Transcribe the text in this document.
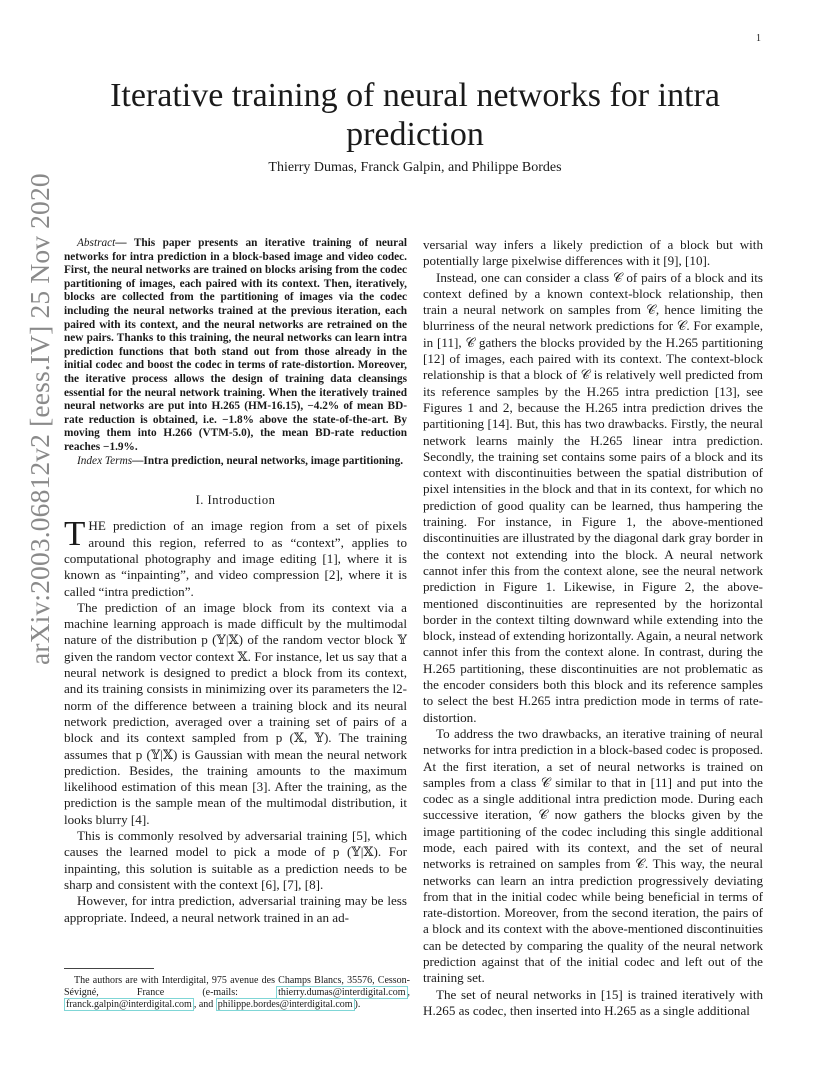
1
arXiv:2003.06812v2 [eess.IV] 25 Nov 2020
Iterative training of neural networks for intra prediction
Thierry Dumas, Franck Galpin, and Philippe Bordes

Abstract— This paper presents an iterative training of neural networks for intra prediction in a block-based image and video codec. First, the neural networks are trained on blocks arising from the codec partitioning of images, each paired with its context. Then, iteratively, blocks are collected from the partitioning of images via the codec including the neural networks trained at the previous iteration, each paired with its context, and the neural networks are retrained on the new pairs. Thanks to this training, the neural networks can learn intra prediction functions that both stand out from those already in the initial codec and boost the codec in terms of rate-distortion. Moreover, the iterative process allows the design of training data cleansings essential for the neural network training. When the iteratively trained neural networks are put into H.265 (HM-16.15), −4.2% of mean BD-rate reduction is obtained, i.e. −1.8% above the state-of-the-art. By moving them into H.266 (VTM-5.0), the mean BD-rate reduction reaches −1.9%.

Index Terms—Intra prediction, neural networks, image partitioning.

I. Introduction

THE prediction of an image region from a set of pixels around this region, referred to as “context”, applies to computational photography and image editing [1], where it is known as “inpainting”, and video compression [2], where it is called “intra prediction”.

The prediction of an image block from its context via a machine learning approach is made difficult by the multimodal nature of the distribution p (𝕐|𝕏) of the random vector block 𝕐 given the random vector context 𝕏. For instance, let us say that a neural network is designed to predict a block from its context, and its training consists in minimizing over its parameters the l2-norm of the difference between a training block and its neural network prediction, averaged over a training set of pairs of a block and its context sampled from p (𝕏, 𝕐). The training assumes that p (𝕐|𝕏) is Gaussian with mean the neural network prediction. Besides, the training amounts to the maximum likelihood estimation of this mean [3]. After the training, as the prediction is the sample mean of the multimodal distribution, it looks blurry [4].

This is commonly resolved by adversarial training [5], which causes the learned model to pick a mode of p (𝕐|𝕏). For inpainting, this solution is suitable as a prediction needs to be sharp and consistent with the context [6], [7], [8].

However, for intra prediction, adversarial training may be less appropriate. Indeed, a neural network trained in an ad-

versarial way infers a likely prediction of a block but with potentially large pixelwise differences with it [9], [10].

Instead, one can consider a class 𝒞 of pairs of a block and its context defined by a known context-block relationship, then train a neural network on samples from 𝒞, hence limiting the blurriness of the neural network predictions for 𝒞. For example, in [11], 𝒞 gathers the blocks provided by the H.265 partitioning [12] of images, each paired with its context. The context-block relationship is that a block of 𝒞 is relatively well predicted from its reference samples by the H.265 intra prediction [13], see Figures 1 and 2, because the H.265 intra prediction drives the partitioning [14]. But, this has two drawbacks. Firstly, the neural network learns mainly the H.265 linear intra prediction. Secondly, the training set contains some pairs of a block and its context with discontinuities between the spatial distribution of pixel intensities in the block and that in its context, for which no prediction of good quality can be learned, thus hampering the training. For instance, in Figure 1, the above-mentioned discontinuities are illustrated by the diagonal dark gray border in the context not extending into the block. A neural network cannot infer this from the context alone, see the neural network prediction in Figure 1. Likewise, in Figure 2, the above-mentioned discontinuities are represented by the horizontal border in the context tilting downward while extending into the block, instead of extending horizontally. Again, a neural network cannot infer this from the context alone. In contrast, during the H.265 partitioning, these discontinuities are not problematic as the encoder considers both this block and its reference samples to select the best H.265 intra prediction mode in terms of rate-distortion.

To address the two drawbacks, an iterative training of neural networks for intra prediction in a block-based codec is proposed. At the first iteration, a set of neural networks is trained on samples from a class 𝒞 similar to that in [11] and put into the codec as a single additional intra prediction mode. During each successive iteration, 𝒞 now gathers the blocks given by the image partitioning of the codec including this single additional mode, each paired with its context, and the set of neural networks is retrained on samples from 𝒞. This way, the neural networks can learn an intra prediction progressively deviating from that in the initial codec while being beneficial in terms of rate-distortion. Moreover, from the second iteration, the pairs of a block and its context with the above-mentioned discontinuities can be detected by comparing the quality of the neural network prediction against that of the initial codec and left out of the training set.

The set of neural networks in [15] is trained iteratively with H.265 as codec, then inserted into H.265 as a single additional

The authors are with Interdigital, 975 avenue des Champs Blancs, 35576, Cesson-Sévigné, France (e-mails: thierry.dumas@interdigital.com , franck.galpin@interdigital.com , and philippe.bordes@interdigital.com ).
